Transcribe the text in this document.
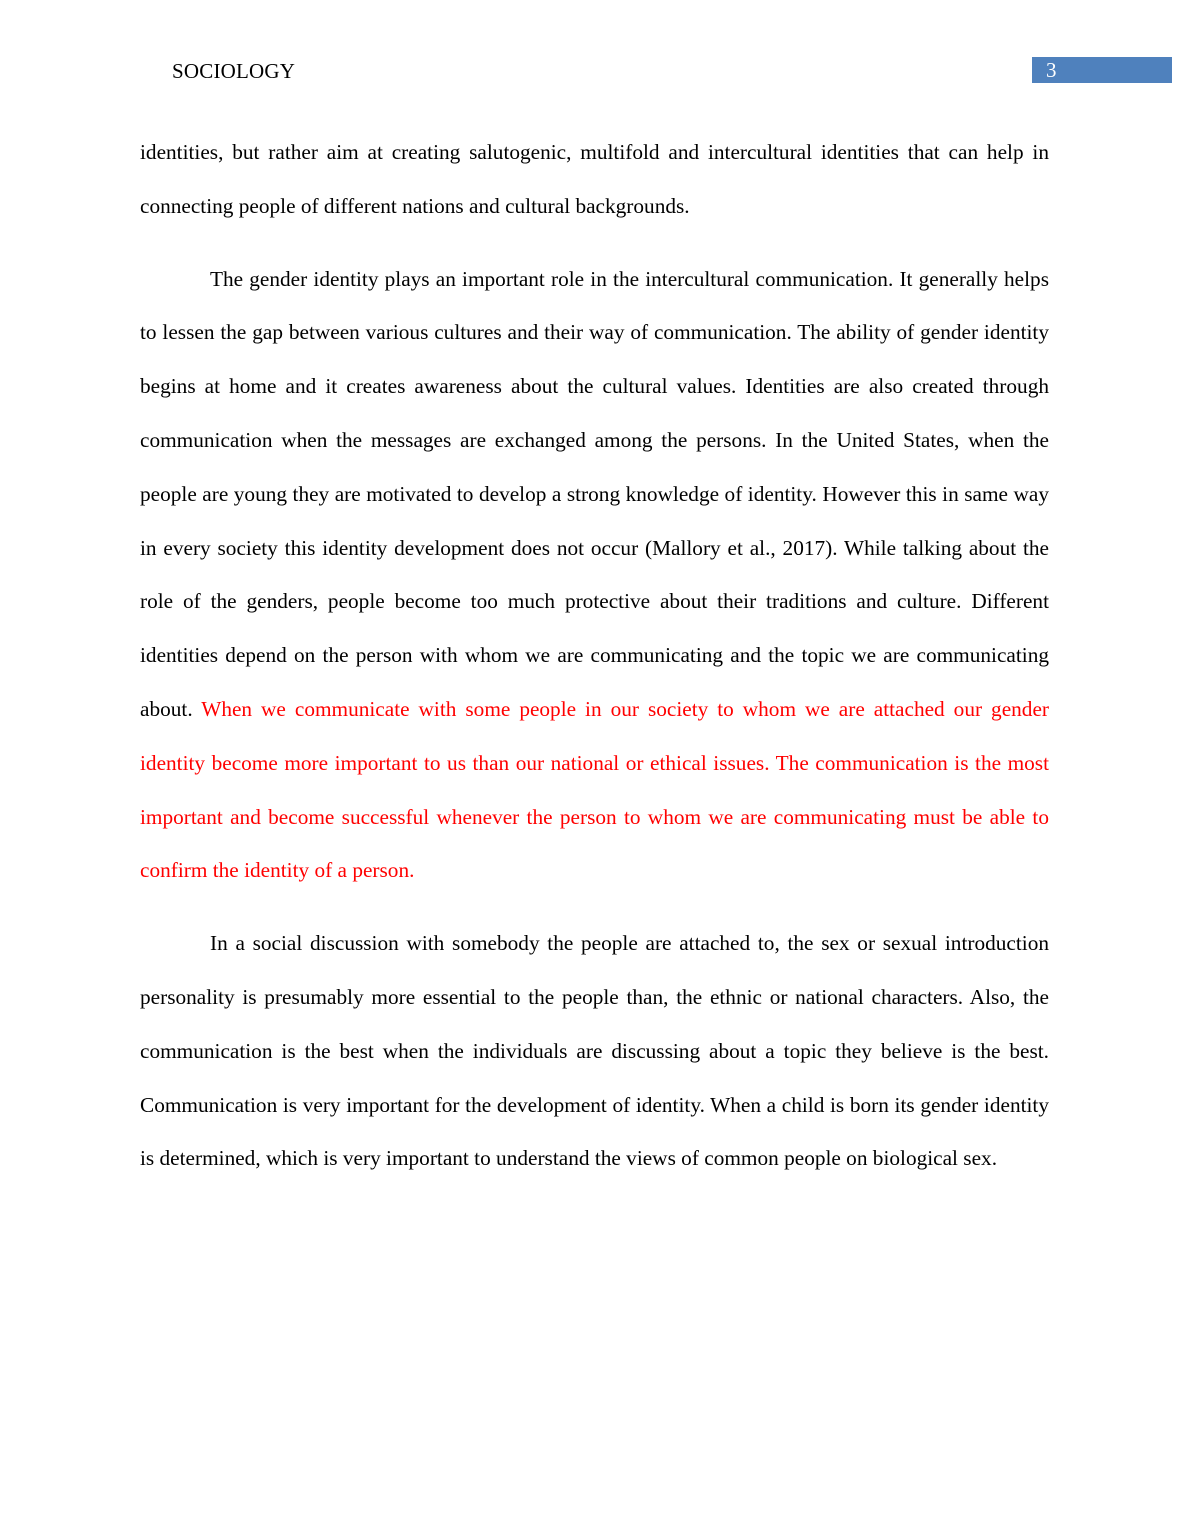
SOCIOLOGY	3

identities, but rather aim at creating salutogenic, multifold and intercultural identities that can help in connecting people of different nations and cultural backgrounds.

The gender identity plays an important role in the intercultural communication. It generally helps to lessen the gap between various cultures and their way of communication. The ability of gender identity begins at home and it creates awareness about the cultural values. Identities are also created through communication when the messages are exchanged among the persons. In the United States, when the people are young they are motivated to develop a strong knowledge of identity. However this in same way in every society this identity development does not occur (Mallory et al., 2017). While talking about the role of the genders, people become too much protective about their traditions and culture. Different identities depend on the person with whom we are communicating and the topic we are communicating about. When we communicate with some people in our society to whom we are attached our gender identity become more important to us than our national or ethical issues. The communication is the most important and become successful whenever the person to whom we are communicating must be able to confirm the identity of a person.

In a social discussion with somebody the people are attached to, the sex or sexual introduction personality is presumably more essential to the people than, the ethnic or national characters. Also, the communication is the best when the individuals are discussing about a topic they believe is the best. Communication is very important for the development of identity. When a child is born its gender identity is determined, which is very important to understand the views of common people on biological sex.
